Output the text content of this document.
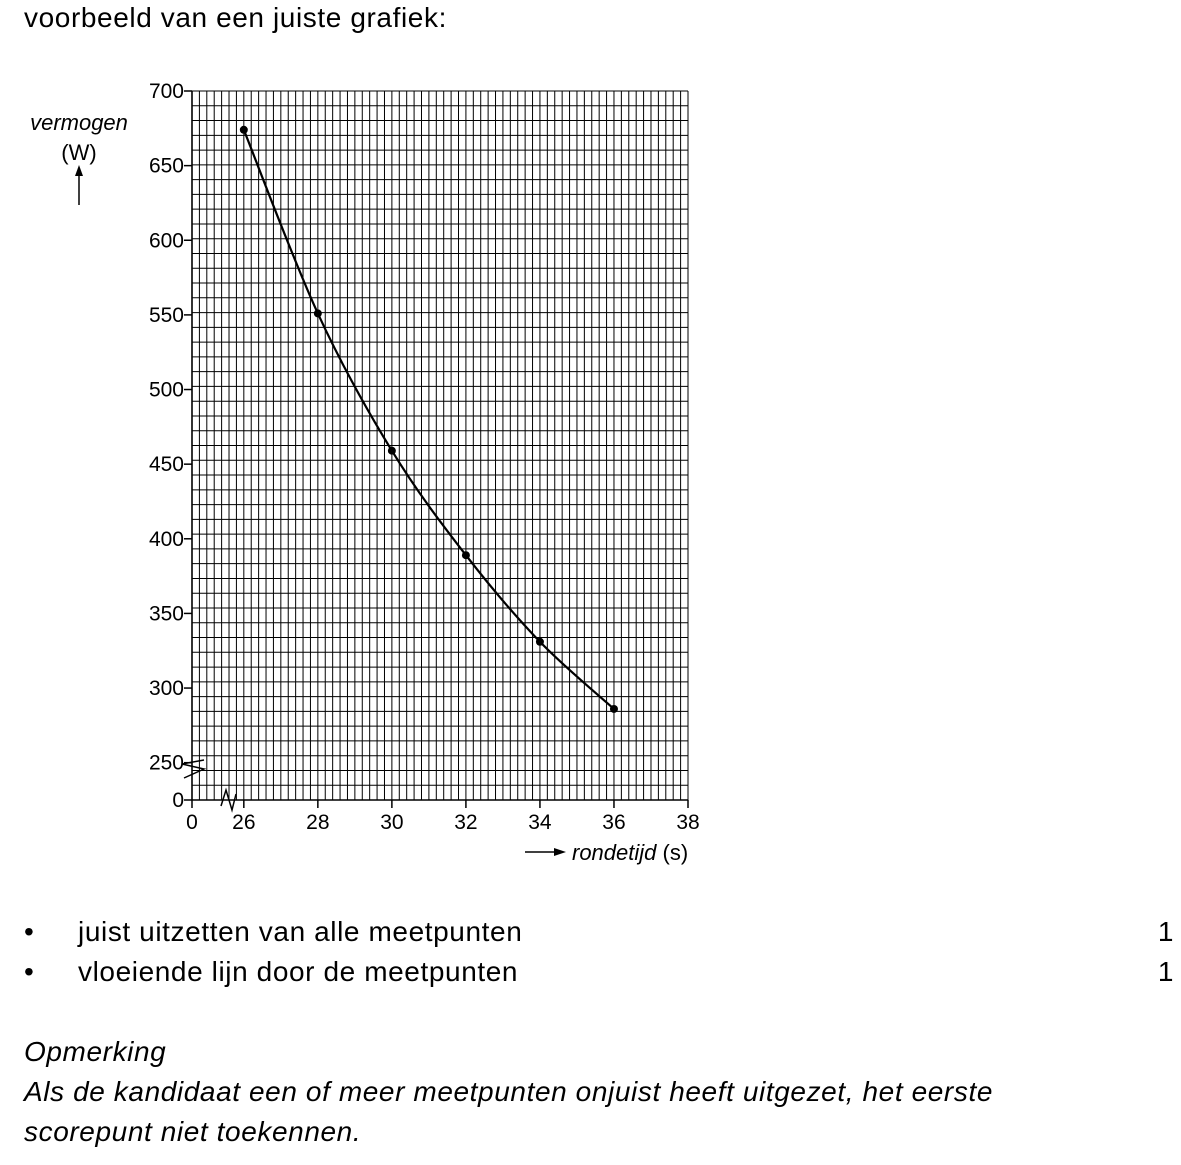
voorbeeld van een juiste grafiek:
0
250
300
350
400
450
500
550
600
650
700
0 26 28 30 32 34 36 38
vermogen
(W)
rondetijd (s)
• juist uitzetten van alle meetpunten	1
• vloeiende lijn door de meetpunten	1

Opmerking

Als de kandidaat een of meer meetpunten onjuist heeft uitgezet, het eerste

scorepunt niet toekennen.
